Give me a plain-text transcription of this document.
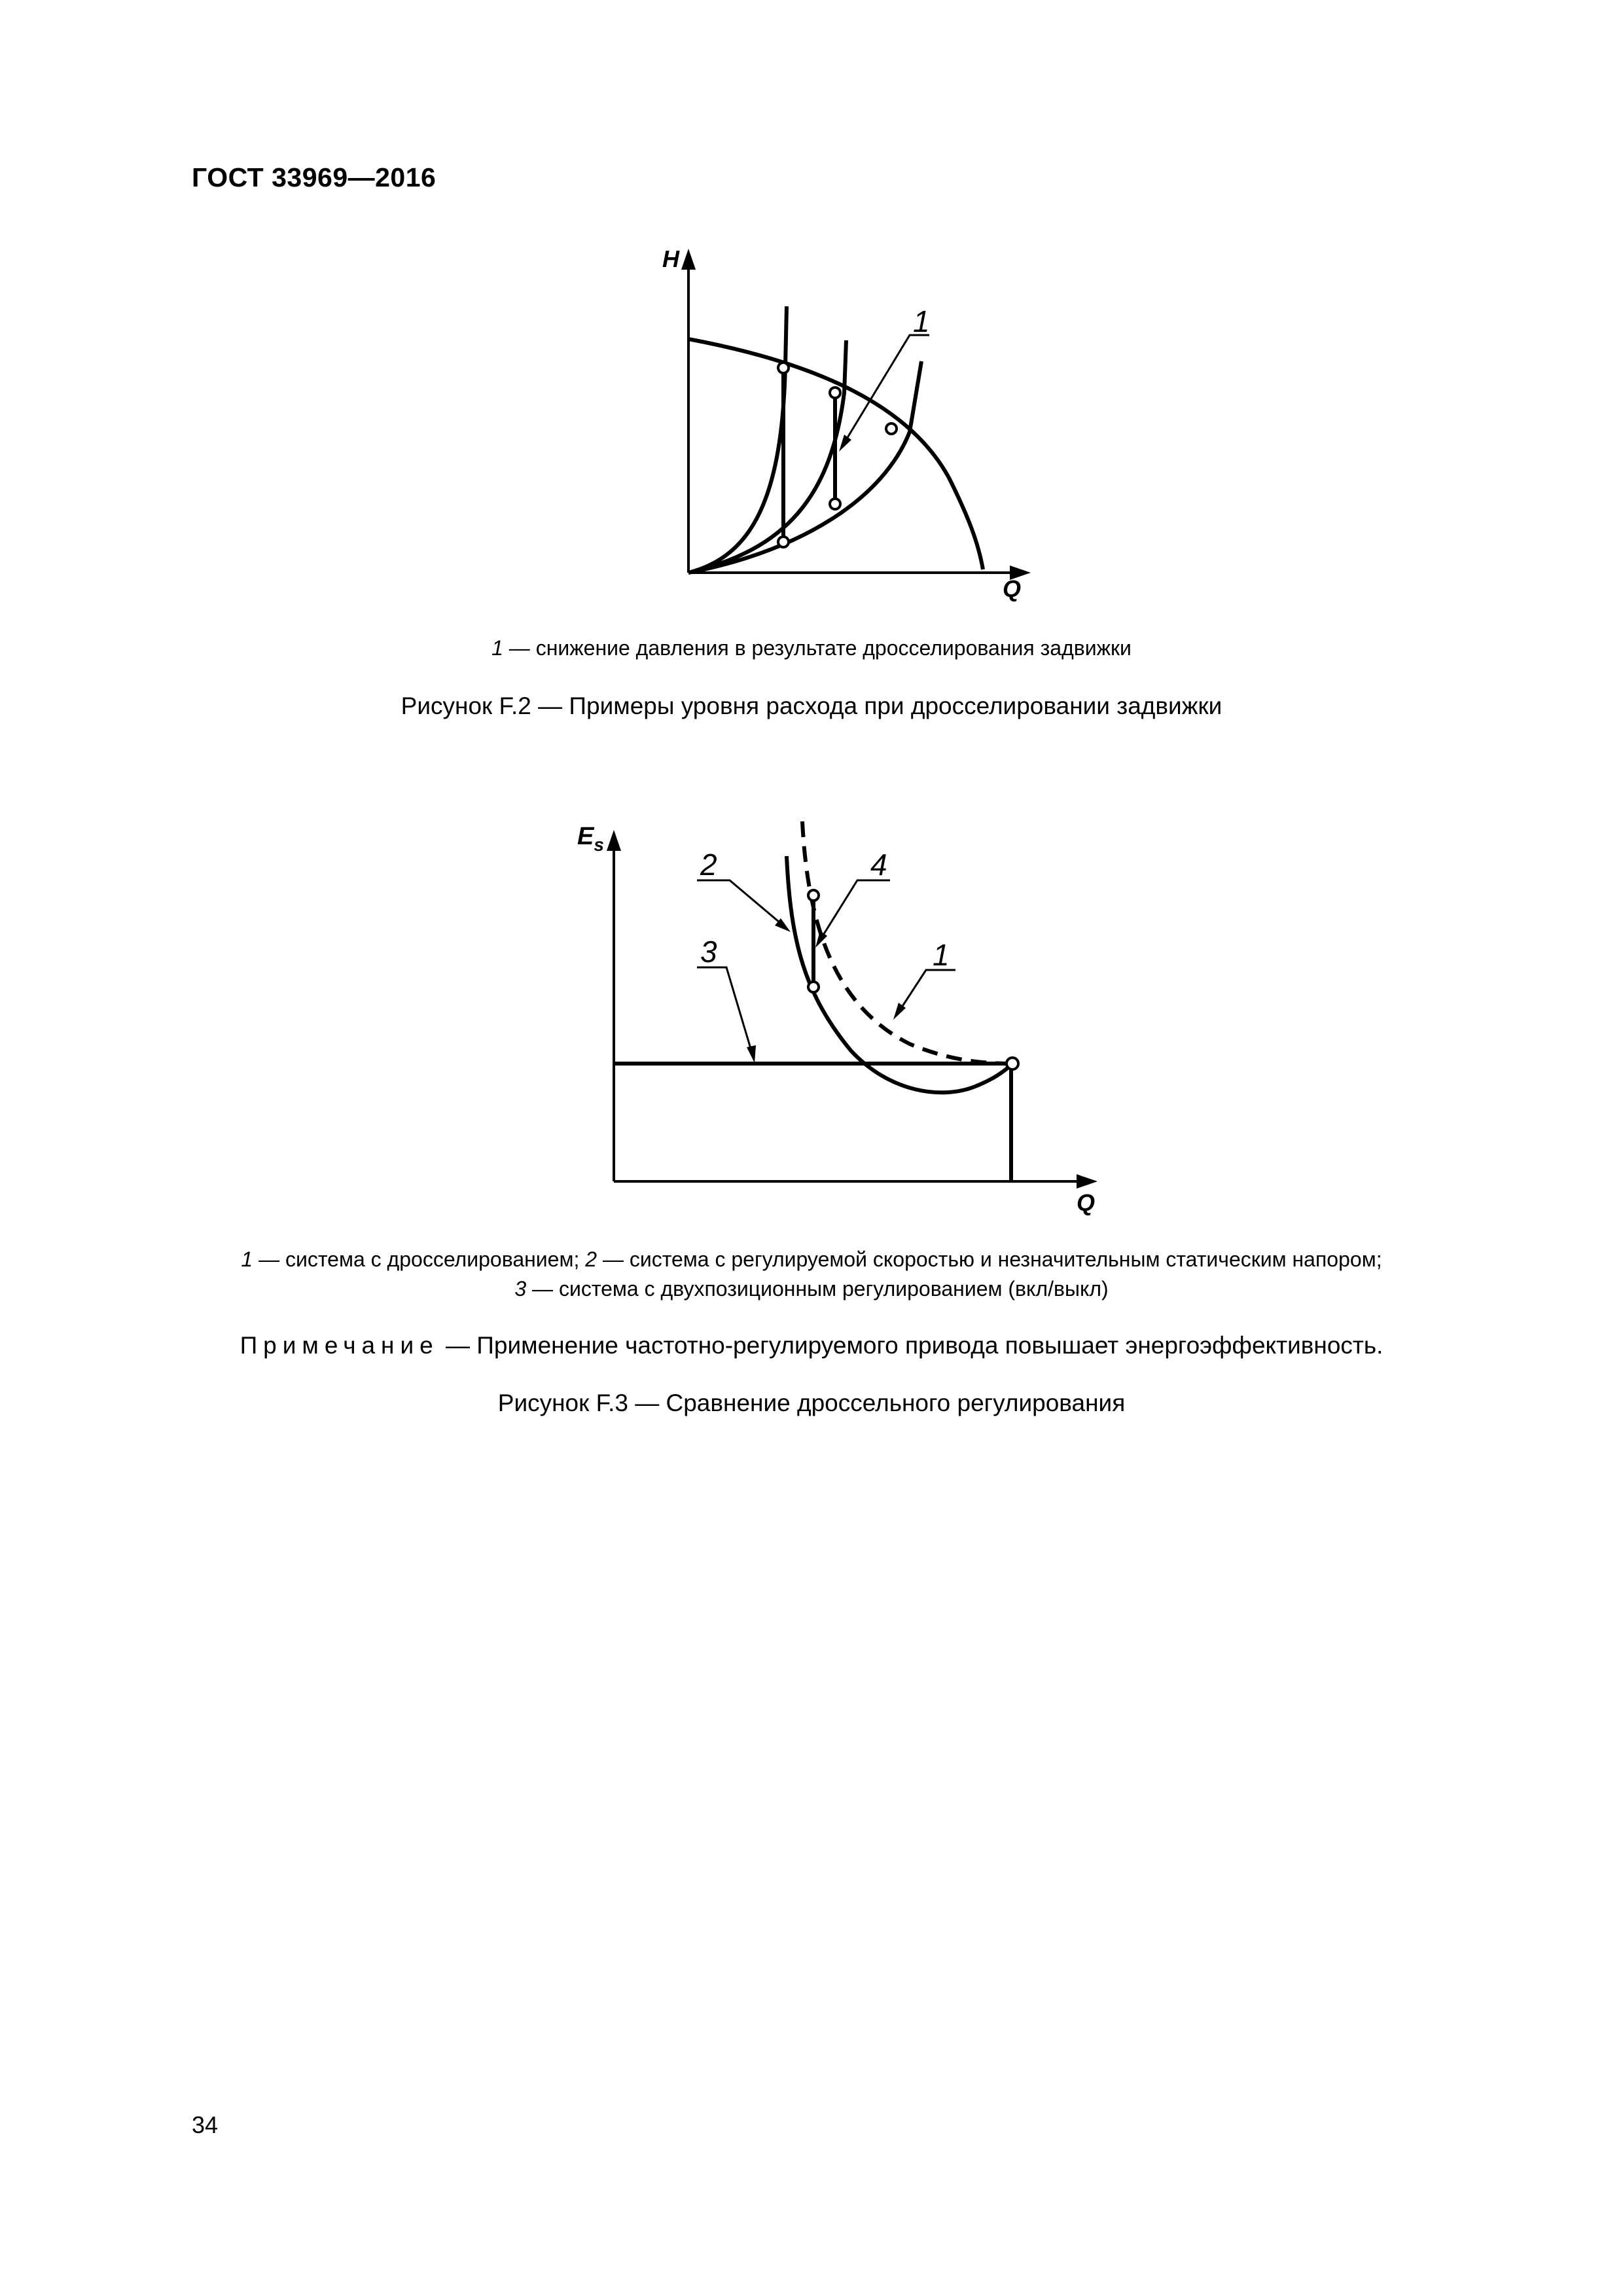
ГОСТ 33969—2016
H
Q
1
1 — снижение давления в результате дросселирования задвижки
Рисунок F.2 — Примеры уровня расхода при дросселировании задвижки
$E_s$
Q
2	4
3	1
1 — система с дросселированием; 2 — система с регулируемой скоростью и незначительным статическим напором;
3 — система с двухпозиционным регулированием (вкл/выкл)
Примечание — Применение частотно-регулируемого привода повышает энергоэффективность.
Рисунок F.3 — Сравнение дроссельного регулирования
34
